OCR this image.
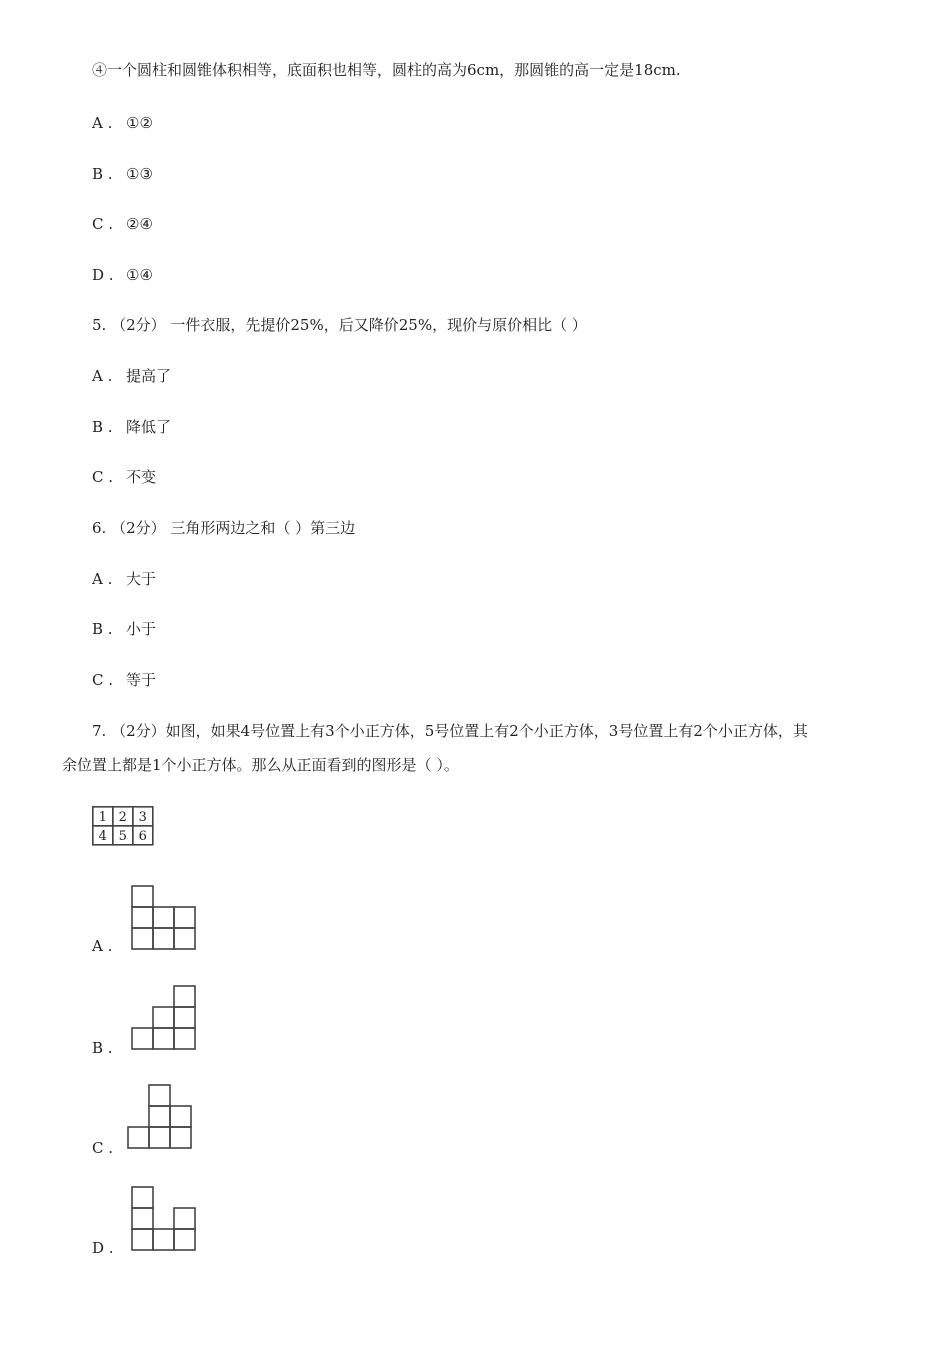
④一个圆柱和圆锥体积相等，底面积也相等，圆柱的高为6cm，那圆锥的高一定是18cm.
A . ①②
B . ①③
C . ②④
D . ①④
5. （2分） 一件衣服，先提价25%，后又降价25%，现价与原价相比（ ）
A . 提高了
B . 降低了
C . 不变
6. （2分） 三角形两边之和（ ）第三边
A . 大于
B . 小于
C . 等于
7. （2分）如图，如果4号位置上有3个小正方体，5号位置上有2个小正方体，3号位置上有2个小正方体，其
余位置上都是1个小正方体。那么从正面看到的图形是（ ）。
1 2 3
4 5 6
A .
B .
C .
D .
